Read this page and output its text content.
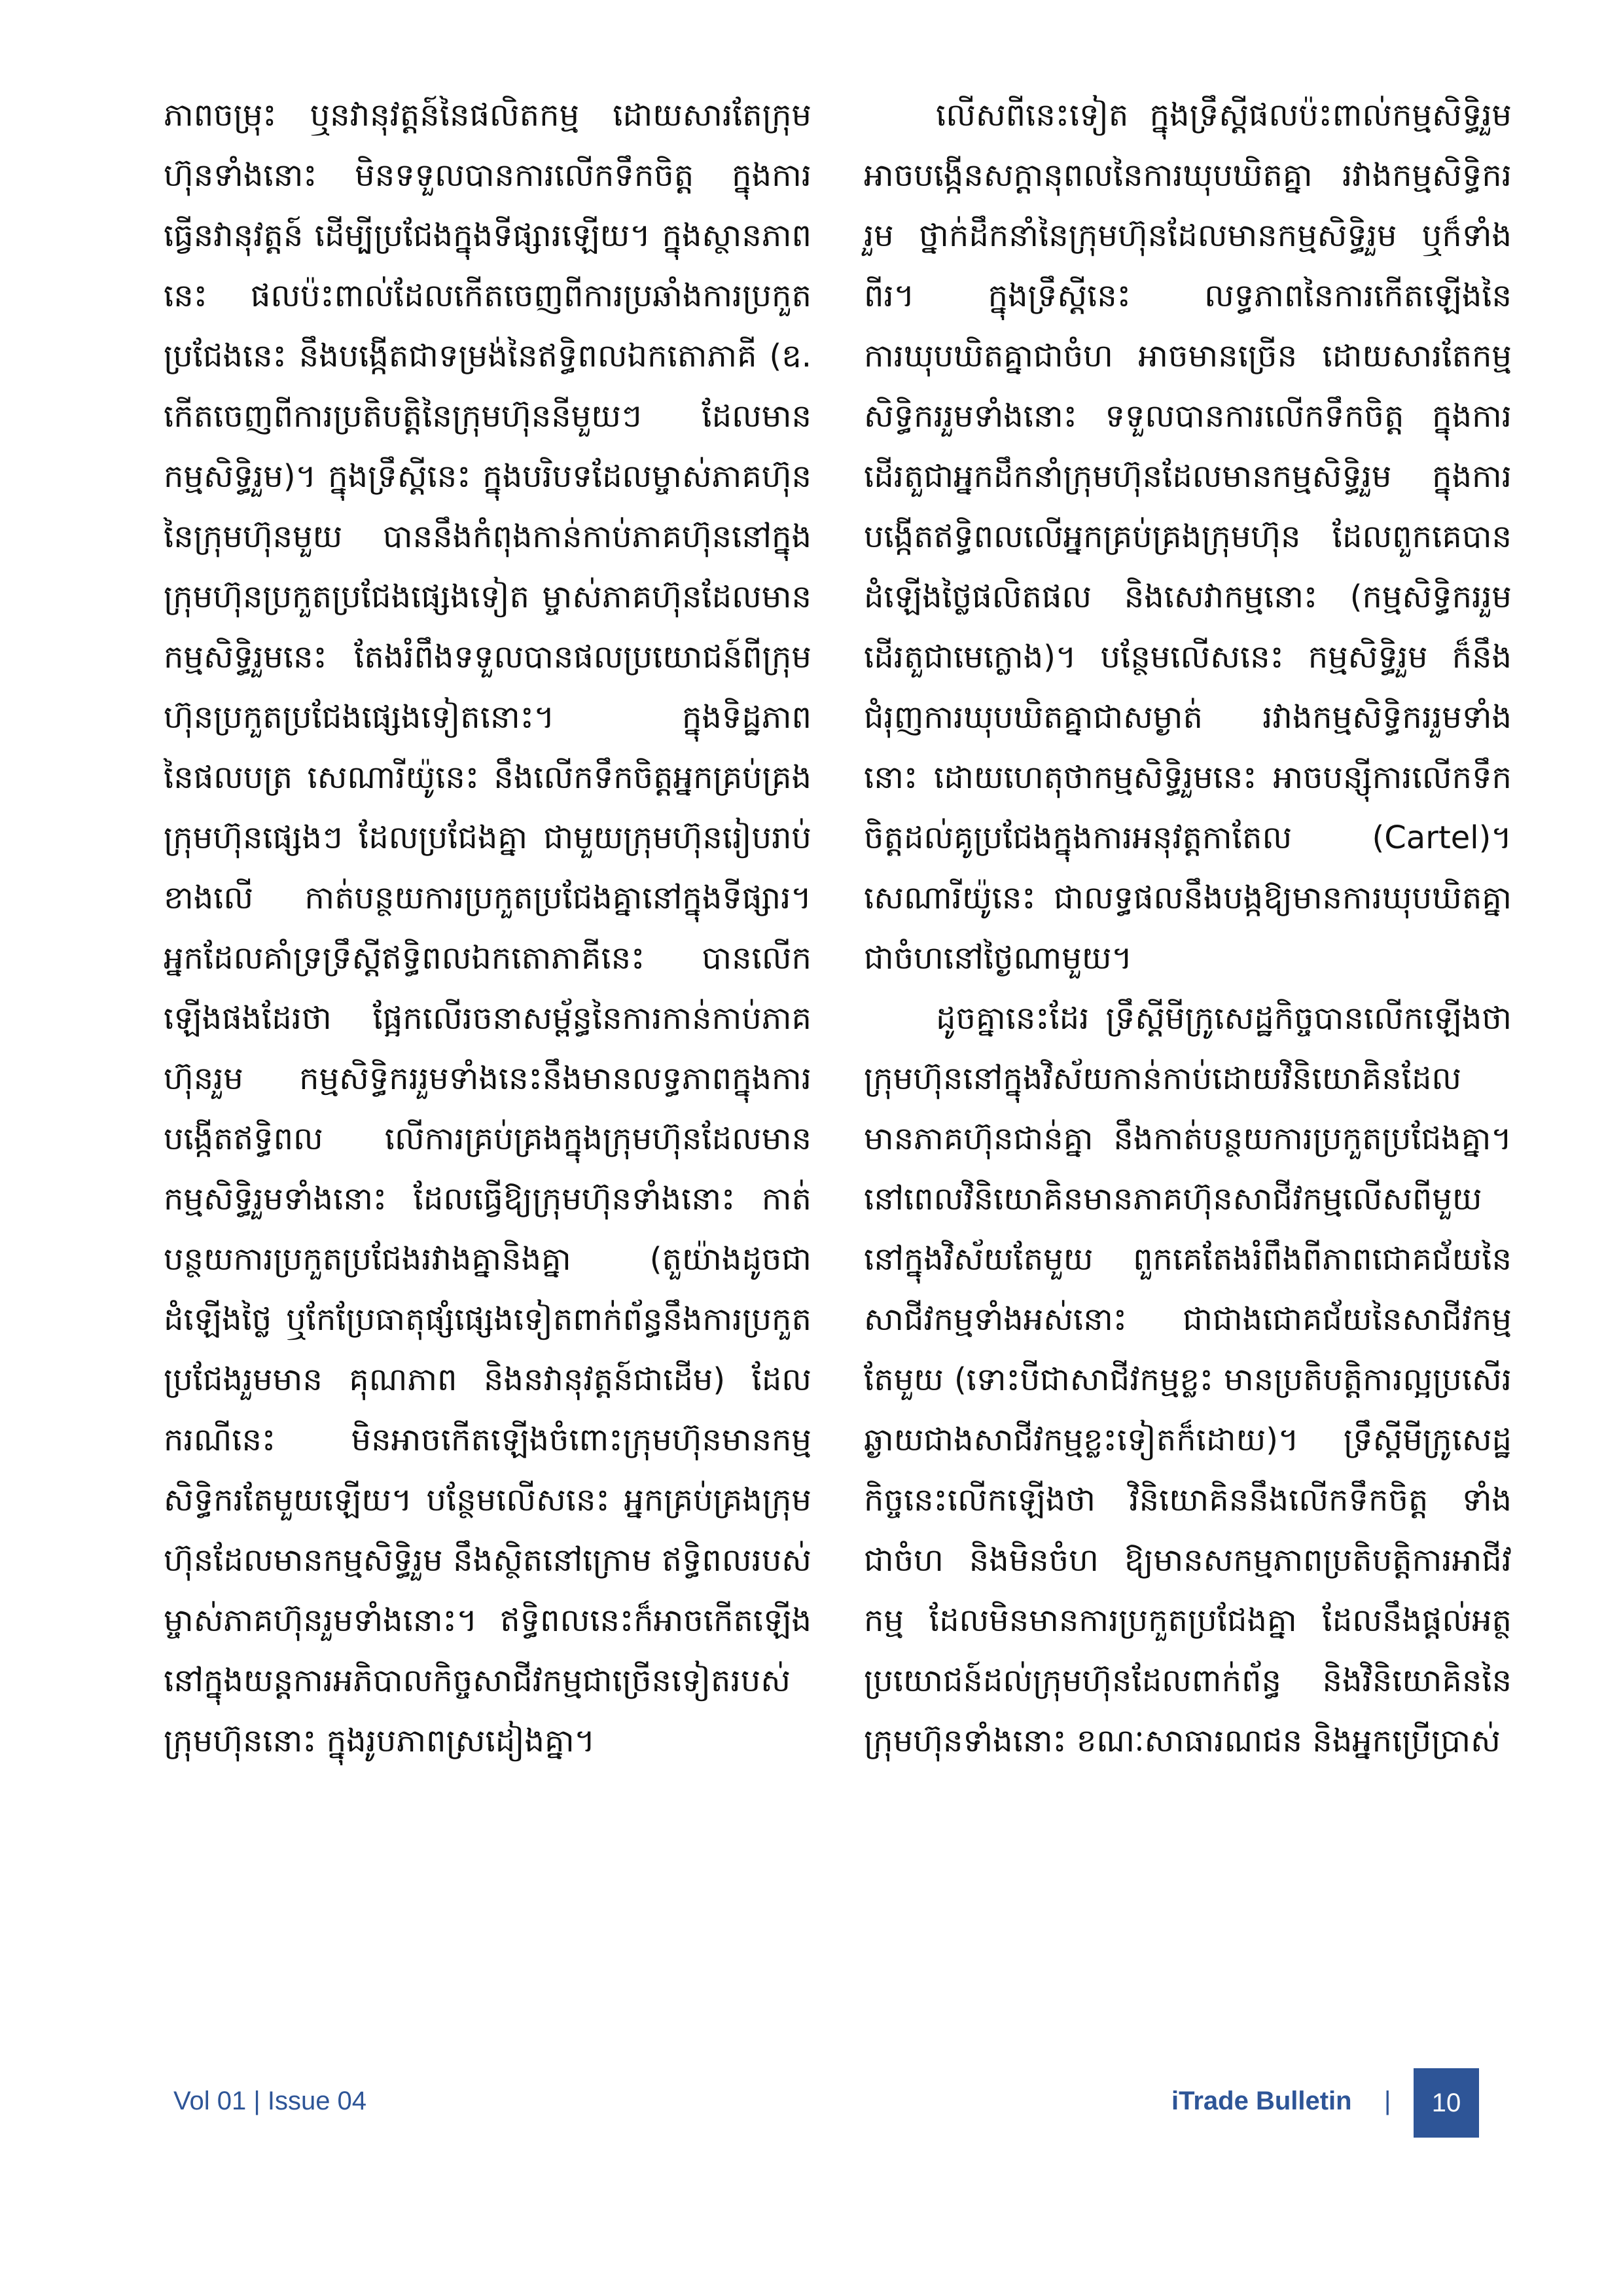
ភាពចម្រុះ ឬនវានុវត្តន៍នៃផលិតកម្ម ដោយសារតែក្រុមហ៊ុនទាំងនោះ មិនទទួលបានការលើកទឹកចិត្ត ក្នុងការធ្វើនវានុវត្តន៍ ដើម្បីប្រជែងក្នុងទីផ្សារឡើយ។ ក្នុងស្ថានភាពនេះ ផលប៉ះពាល់ដែលកើតចេញពីការប្រឆាំងការប្រកួតប្រជែងនេះ នឹងបង្កើតជាទម្រង់នៃឥទ្ធិពលឯកតោភាគី (ឧ. កើតចេញពីការប្រតិបត្តិនៃក្រុមហ៊ុននីមួយៗ ដែលមានកម្មសិទ្ធិរួម)។ ក្នុងទ្រឹស្តីនេះ ក្នុងបរិបទដែលម្ចាស់ភាគហ៊ុននៃក្រុមហ៊ុនមួយ បាននឹងកំពុងកាន់កាប់ភាគហ៊ុននៅក្នុងក្រុមហ៊ុនប្រកួតប្រជែងផ្សេងទៀត ម្ចាស់ភាគហ៊ុនដែលមានកម្មសិទ្ធិរួមនេះ តែងរំពឹងទទួលបានផលប្រយោជន៍ពីក្រុមហ៊ុនប្រកួតប្រជែងផ្សេងទៀតនោះ។ ក្នុងទិដ្ឋភាពនៃផលបត្រ សេណារីយ៉ូនេះ នឹងលើកទឹកចិត្តអ្នកគ្រប់គ្រងក្រុមហ៊ុនផ្សេងៗ ដែលប្រជែងគ្នា ជាមួយក្រុមហ៊ុនរៀបរាប់ខាងលើ កាត់បន្ថយការប្រកួតប្រជែងគ្នានៅក្នុងទីផ្សារ។ អ្នកដែលគាំទ្រទ្រឹស្តីឥទ្ធិពលឯកតោភាគីនេះ បានលើកឡើងផងដែរថា ផ្អែកលើរចនាសម្ព័ន្ធនៃការកាន់កាប់ភាគហ៊ុនរួម កម្មសិទ្ធិកររួមទាំងនេះនឹងមានលទ្ធភាពក្នុងការបង្កើតឥទ្ធិពល លើការគ្រប់គ្រងក្នុងក្រុមហ៊ុនដែលមានកម្មសិទ្ធិរួមទាំងនោះ ដែលធ្វើឱ្យក្រុមហ៊ុនទាំងនោះ កាត់បន្ថយការប្រកួតប្រជែងរវាងគ្នានិងគ្នា (តួយ៉ាងដូចជា ដំឡើងថ្លៃ ឬកែប្រែធាតុផ្សំផ្សេងទៀតពាក់ព័ន្ធនឹងការប្រកួតប្រជែងរួមមាន គុណភាព និងនវានុវត្តន៍ជាដើម) ដែលករណីនេះ មិនអាចកើតឡើងចំពោះក្រុមហ៊ុនមានកម្មសិទ្ធិករតែមួយឡើយ។ បន្ថែមលើសនេះ អ្នកគ្រប់គ្រងក្រុមហ៊ុនដែលមានកម្មសិទ្ធិរួម នឹងស្ថិតនៅក្រោម ឥទ្ធិពលរបស់ម្ចាស់ភាគហ៊ុនរួមទាំងនោះ។ ឥទ្ធិពលនេះក៏អាចកើតឡើងនៅក្នុងយន្តការអភិបាលកិច្ចសាជីវកម្មជាច្រើនទៀតរបស់ក្រុមហ៊ុននោះ ក្នុងរូបភាពស្រដៀងគ្នា។

លើសពីនេះទៀត ក្នុងទ្រឹស្តីផលប៉ះពាល់កម្មសិទ្ធិរួម អាចបង្កើនសក្តានុពលនៃការឃុបឃិតគ្នា រវាងកម្មសិទ្ធិកររួម ថ្នាក់ដឹកនាំនៃក្រុមហ៊ុនដែលមានកម្មសិទ្ធិរួម ឬក៏ទាំងពីរ។ ក្នុងទ្រឹស្តីនេះ លទ្ធភាពនៃការកើតឡើងនៃការឃុបឃិតគ្នាជាចំហ អាចមានច្រើន ដោយសារតែកម្មសិទ្ធិកររួមទាំងនោះ ទទួលបានការលើកទឹកចិត្ត ក្នុងការដើរតួជាអ្នកដឹកនាំក្រុមហ៊ុនដែលមានកម្មសិទ្ធិរួម ក្នុងការបង្កើតឥទ្ធិពលលើអ្នកគ្រប់គ្រងក្រុមហ៊ុន ដែលពួកគេបានដំឡើងថ្លៃផលិតផល និងសេវាកម្មនោះ (កម្មសិទ្ធិកររួម ដើរតួជាមេក្លោង)។ បន្ថែមលើសនេះ កម្មសិទ្ធិរួម ក៏នឹងជំរុញការឃុបឃិតគ្នាជាសម្ងាត់ រវាងកម្មសិទ្ធិកររួមទាំងនោះ ដោយហេតុថាកម្មសិទ្ធិរួមនេះ អាចបន្ស៊ីការលើកទឹកចិត្តដល់គូប្រជែងក្នុងការអនុវត្តកាតែល (Cartel)។ សេណារីយ៉ូនេះ ជាលទ្ធផលនឹងបង្កឱ្យមានការឃុបឃិតគ្នាជាចំហនៅថ្ងៃណាមួយ។

ដូចគ្នានេះដែរ ទ្រឹស្តីមីក្រូសេដ្ឋកិច្ចបានលើកឡើងថា ក្រុមហ៊ុននៅក្នុងវិស័យកាន់កាប់ដោយវិនិយោគិនដែលមានភាគហ៊ុនជាន់គ្នា នឹងកាត់បន្ថយការប្រកួតប្រជែងគ្នា។ នៅពេលវិនិយោគិនមានភាគហ៊ុនសាជីវកម្មលើសពីមួយ នៅក្នុងវិស័យតែមួយ ពួកគេតែងរំពឹងពីភាពជោគជ័យនៃសាជីវកម្មទាំងអស់នោះ ជាជាងជោគជ័យនៃសាជីវកម្មតែមួយ (ទោះបីជាសាជីវកម្មខ្លះ មានប្រតិបត្តិការល្អប្រសើរឆ្ងាយជាងសាជីវកម្មខ្លះទៀតក៏ដោយ)។ ទ្រឹស្តីមីក្រូសេដ្ឋកិច្ចនេះលើកឡើងថា វិនិយោគិននឹងលើកទឹកចិត្ត ទាំងជាចំហ និងមិនចំហ ឱ្យមានសកម្មភាពប្រតិបត្តិការអាជីវកម្ម ដែលមិនមានការប្រកួតប្រជែងគ្នា ដែលនឹងផ្តល់អត្ថប្រយោជន៍ដល់ក្រុមហ៊ុនដែលពាក់ព័ន្ធ និងវិនិយោគិននៃក្រុមហ៊ុនទាំងនោះ ខណៈសាធារណជន និងអ្នកប្រើប្រាស់

Vol 01 | Issue 04	iTrade Bulletin | 10
